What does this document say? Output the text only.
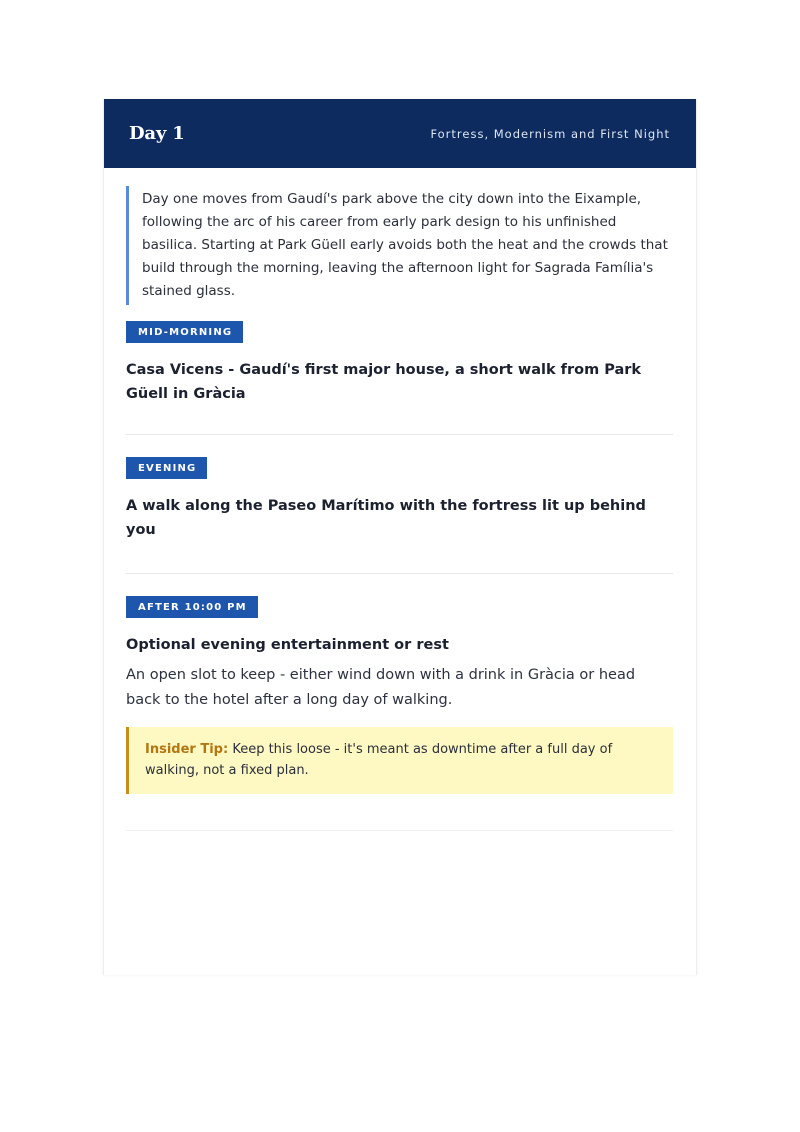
Day 1	Fortress, Modernism and First Night
Day one moves from Gaudí's park above the city down into the Eixample, following the arc of his career from early park design to his unfinished basilica. Starting at Park Güell early avoids both the heat and the crowds that build through the morning, leaving the afternoon light for Sagrada Família's stained glass.
MID-MORNING
Casa Vicens - Gaudí's first major house, a short walk from Park Güell in Gràcia
EVENING
A walk along the Paseo Marítimo with the fortress lit up behind you
AFTER 10:00 PM
Optional evening entertainment or rest
An open slot to keep - either wind down with a drink in Gràcia or head back to the hotel after a long day of walking.
Insider Tip: Keep this loose - it's meant as downtime after a full day of walking, not a fixed plan.
